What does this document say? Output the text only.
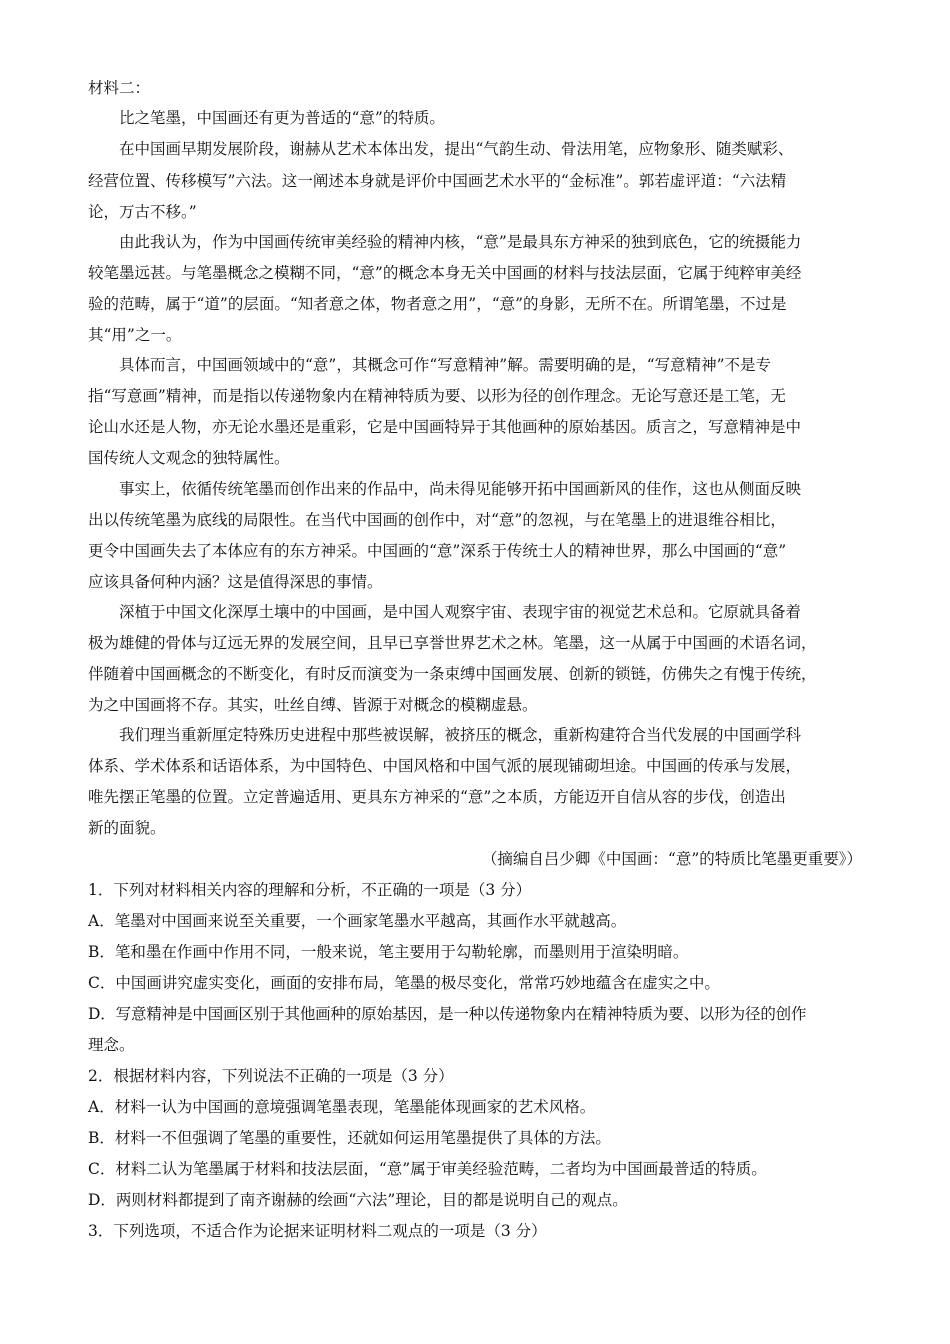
材料二：
比之笔墨，中国画还有更为普适的“意”的特质。
在中国画早期发展阶段，谢赫从艺术本体出发，提出“气韵生动、骨法用笔，应物象形、随类赋彩、
经营位置、传移模写”六法。这一阐述本身就是评价中国画艺术水平的“金标准”。郭若虚评道：“六法精
论，万古不移。”
由此我认为，作为中国画传统审美经验的精神内核，“意”是最具东方神采的独到底色，它的统摄能力
较笔墨远甚。与笔墨概念之模糊不同，“意”的概念本身无关中国画的材料与技法层面，它属于纯粹审美经
验的范畴，属于“道”的层面。“知者意之体，物者意之用”，“意”的身影，无所不在。所谓笔墨，不过是
其“用”之一。
具体而言，中国画领域中的“意”，其概念可作“写意精神”解。需要明确的是，“写意精神”不是专
指“写意画”精神，而是指以传递物象内在精神特质为要、以形为径的创作理念。无论写意还是工笔，无
论山水还是人物，亦无论水墨还是重彩，它是中国画特异于其他画种的原始基因。质言之，写意精神是中
国传统人文观念的独特属性。
事实上，依循传统笔墨而创作出来的作品中，尚未得见能够开拓中国画新风的佳作，这也从侧面反映
出以传统笔墨为底线的局限性。在当代中国画的创作中，对“意”的忽视，与在笔墨上的进退维谷相比，
更令中国画失去了本体应有的东方神采。中国画的“意”深系于传统士人的精神世界，那么中国画的“意”
应该具备何种内涵？这是值得深思的事情。
深植于中国文化深厚土壤中的中国画，是中国人观察宇宙、表现宇宙的视觉艺术总和。它原就具备着
极为雄健的骨体与辽远无界的发展空间，且早已享誉世界艺术之林。笔墨，这一从属于中国画的术语名词，
伴随着中国画概念的不断变化，有时反而演变为一条束缚中国画发展、创新的锁链，仿佛失之有愧于传统，
为之中国画将不存。其实，吐丝自缚、皆源于对概念的模糊虚悬。
我们理当重新厘定特殊历史进程中那些被误解，被挤压的概念，重新构建符合当代发展的中国画学科
体系、学术体系和话语体系，为中国特色、中国风格和中国气派的展现铺砌坦途。中国画的传承与发展，
唯先摆正笔墨的位置。立定普遍适用、更具东方神采的“意”之本质，方能迈开自信从容的步伐，创造出
新的面貌。
（摘编自吕少卿《中国画：“意”的特质比笔墨更重要》）
1．下列对材料相关内容的理解和分析，不正确的一项是（3 分）
A．笔墨对中国画来说至关重要，一个画家笔墨水平越高，其画作水平就越高。
B．笔和墨在作画中作用不同，一般来说，笔主要用于勾勒轮廓，而墨则用于渲染明暗。
C．中国画讲究虚实变化，画面的安排布局，笔墨的极尽变化，常常巧妙地蕴含在虚实之中。
D．写意精神是中国画区别于其他画种的原始基因，是一种以传递物象内在精神特质为要、以形为径的创作
理念。
2．根据材料内容，下列说法不正确的一项是（3 分）
A．材料一认为中国画的意境强调笔墨表现，笔墨能体现画家的艺术风格。
B．材料一不但强调了笔墨的重要性，还就如何运用笔墨提供了具体的方法。
C．材料二认为笔墨属于材料和技法层面，“意”属于审美经验范畴，二者均为中国画最普适的特质。
D．两则材料都提到了南齐谢赫的绘画“六法”理论，目的都是说明自己的观点。
3．下列选项，不适合作为论据来证明材料二观点的一项是（3 分）
